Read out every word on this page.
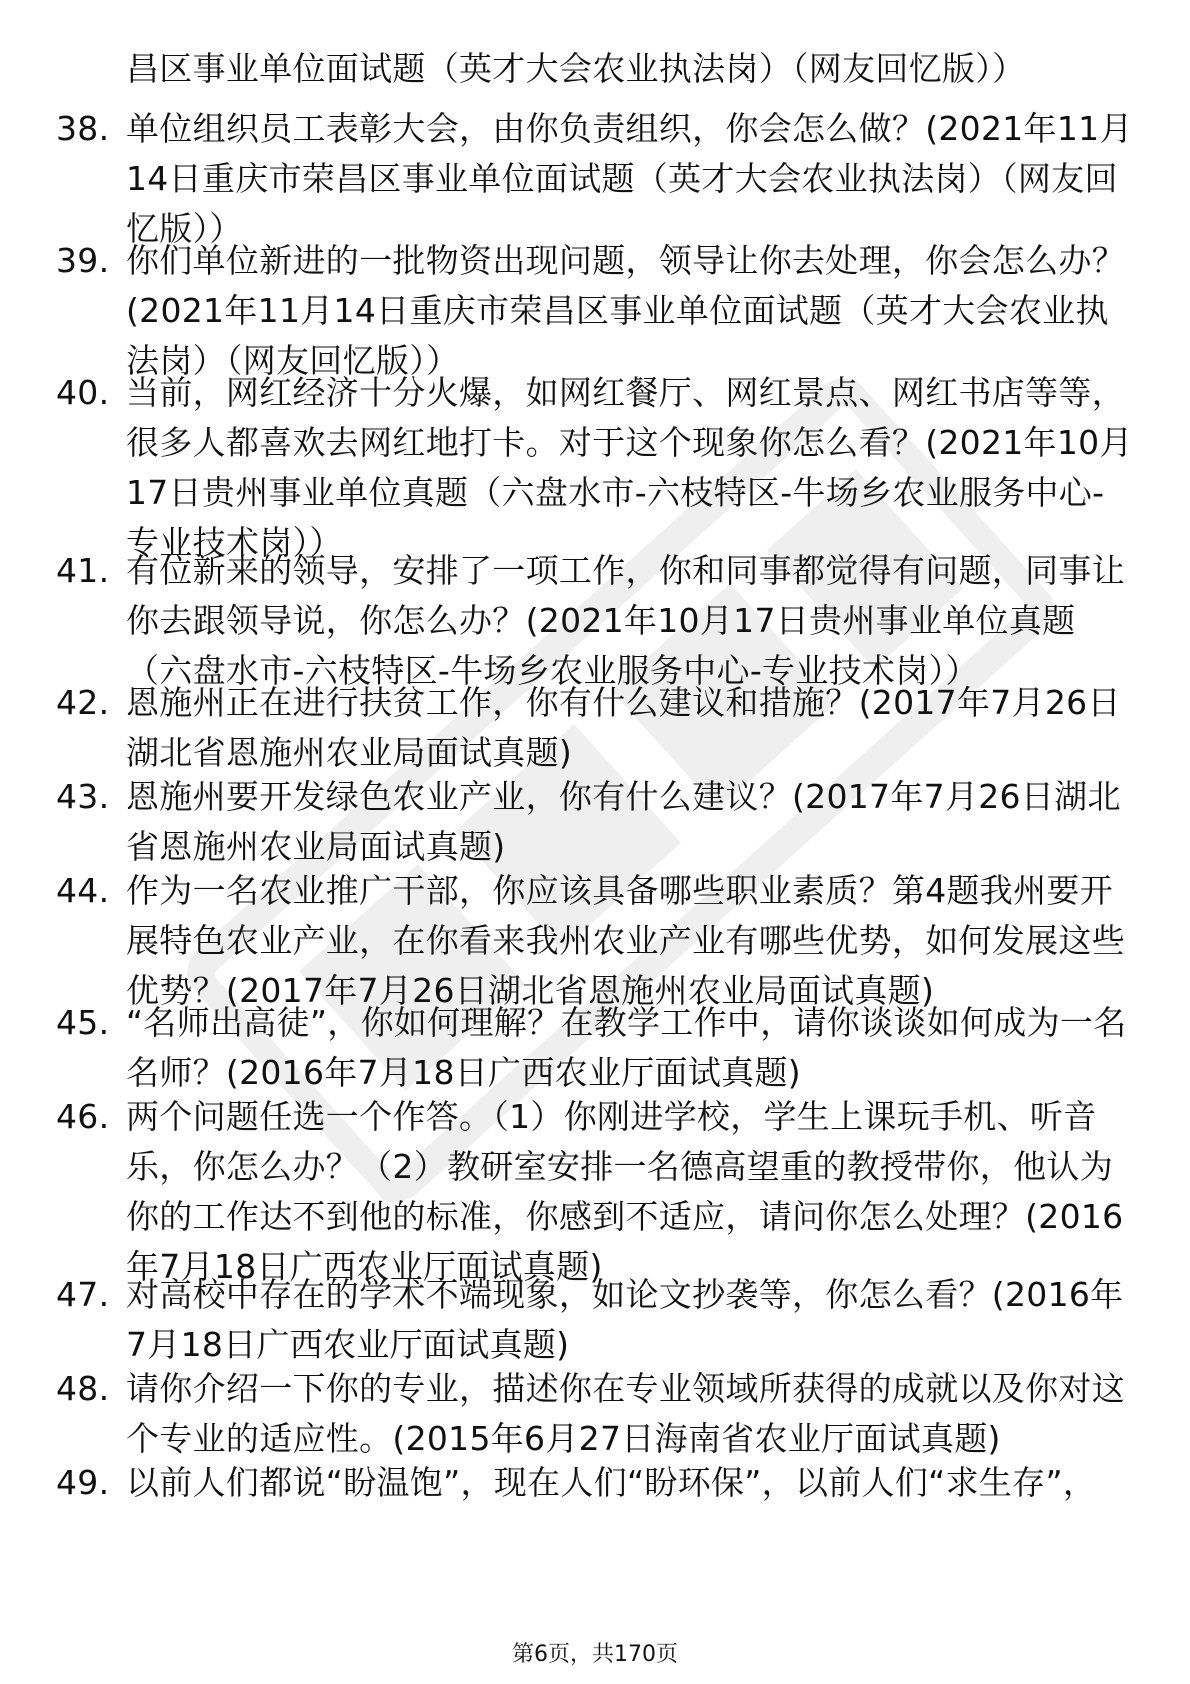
昌区事业单位面试题（英才大会农业执法岗）（网友回忆版））
38. 单位组织员工表彰大会，由你负责组织，你会怎么做？(2021年11月14日重庆市荣昌区事业单位面试题（英才大会农业执法岗）（网友回忆版））
39. 你们单位新进的一批物资出现问题，领导让你去处理，你会怎么办？(2021年11月14日重庆市荣昌区事业单位面试题（英才大会农业执法岗）（网友回忆版））
40. 当前，网红经济十分火爆，如网红餐厅、网红景点、网红书店等等，很多人都喜欢去网红地打卡。对于这个现象你怎么看？(2021年10月17日贵州事业单位真题（六盘水市-六枝特区-牛场乡农业服务中心-专业技术岗））
41. 有位新来的领导，安排了一项工作，你和同事都觉得有问题，同事让你去跟领导说，你怎么办？(2021年10月17日贵州事业单位真题（六盘水市-六枝特区-牛场乡农业服务中心-专业技术岗））
42. 恩施州正在进行扶贫工作，你有什么建议和措施？(2017年7月26日湖北省恩施州农业局面试真题)
43. 恩施州要开发绿色农业产业，你有什么建议？(2017年7月26日湖北省恩施州农业局面试真题)
44. 作为一名农业推广干部，你应该具备哪些职业素质？第4题我州要开展特色农业产业，在你看来我州农业产业有哪些优势，如何发展这些优势？(2017年7月26日湖北省恩施州农业局面试真题)
45. “名师出高徒”，你如何理解？在教学工作中，请你谈谈如何成为一名名师？(2016年7月18日广西农业厅面试真题)
46. 两个问题任选一个作答。（1）你刚进学校，学生上课玩手机、听音乐，你怎么办？（2）教研室安排一名德高望重的教授带你，他认为你的工作达不到他的标准，你感到不适应，请问你怎么处理？(2016年7月18日广西农业厅面试真题)
47. 对高校中存在的学术不端现象，如论文抄袭等，你怎么看？(2016年7月18日广西农业厅面试真题)
48. 请你介绍一下你的专业，描述你在专业领域所获得的成就以及你对这个专业的适应性。(2015年6月27日海南省农业厅面试真题)
49. 以前人们都说“盼温饱”，现在人们“盼环保”，以前人们“求生存”，
第6页，共170页
